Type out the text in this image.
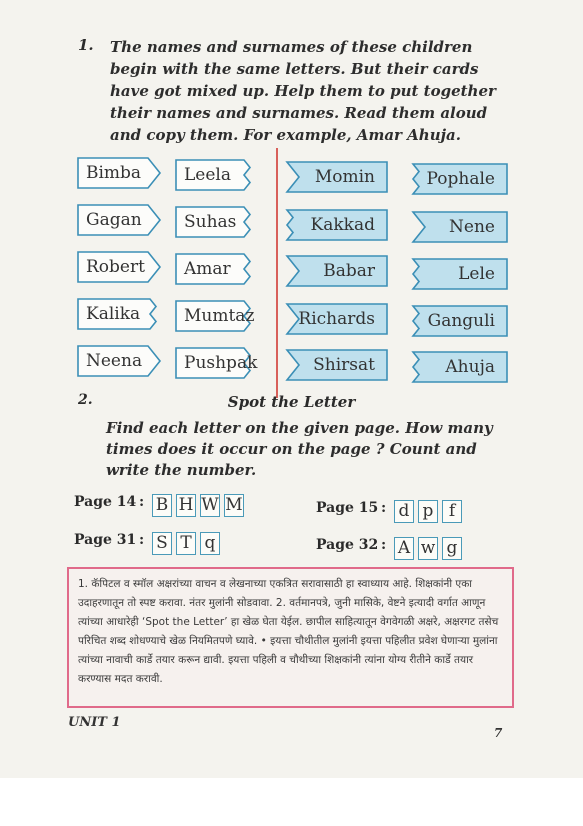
1. The names and surnames of these children begin with the same letters. But their cards have got mixed up. Help them to put together their names and surnames. Read them aloud and copy them. For example, Amar Ahuja.
Bimba
Gagan
Robert
Kalika
Neena
Leela
Suhas
Amar
Mumtaz
Pushpak
Momin
Kakkad
Babar
Richards
Shirsat
Pophale
Nene
Lele
Ganguli
Ahuja
2.	Spot the Letter
Find each letter on the given page. How many times does it occur on the page ? Count and write the number.
Page 14 : B H W M	Page 15 : d p f
Page 31 : S T q	Page 32 : A w g
1. कॅपिटल व स्मॉल अक्षरांच्या वाचन व लेखनाच्या एकत्रित सरावासाठी हा स्वाध्याय आहे. शिक्षकांनी एका उदाहरणातून तो स्पष्ट करावा. नंतर मुलांनी सोडवावा. 2. वर्तमानपत्रे, जुनी मासिके, वेष्टने इत्यादी वर्गात आणून त्यांच्या आधारेही ‘Spot the Letter’ हा खेळ घेता येईल. छापील साहित्यातून वेगवेगळी अक्षरे, अक्षरगट तसेच परिचित शब्द शोधण्याचे खेळ नियमितपणे घ्यावे. • इयत्ता चौथीतील मुलांनी इयत्ता पहिलीत प्रवेश घेणाऱ्या मुलांना त्यांच्या नावाची कार्डे तयार करून द्यावी. इयत्ता पहिली व चौथीच्या शिक्षकांनी त्यांना योग्य रीतीने कार्डे तयार करण्यास मदत करावी.
UNIT 1
7
